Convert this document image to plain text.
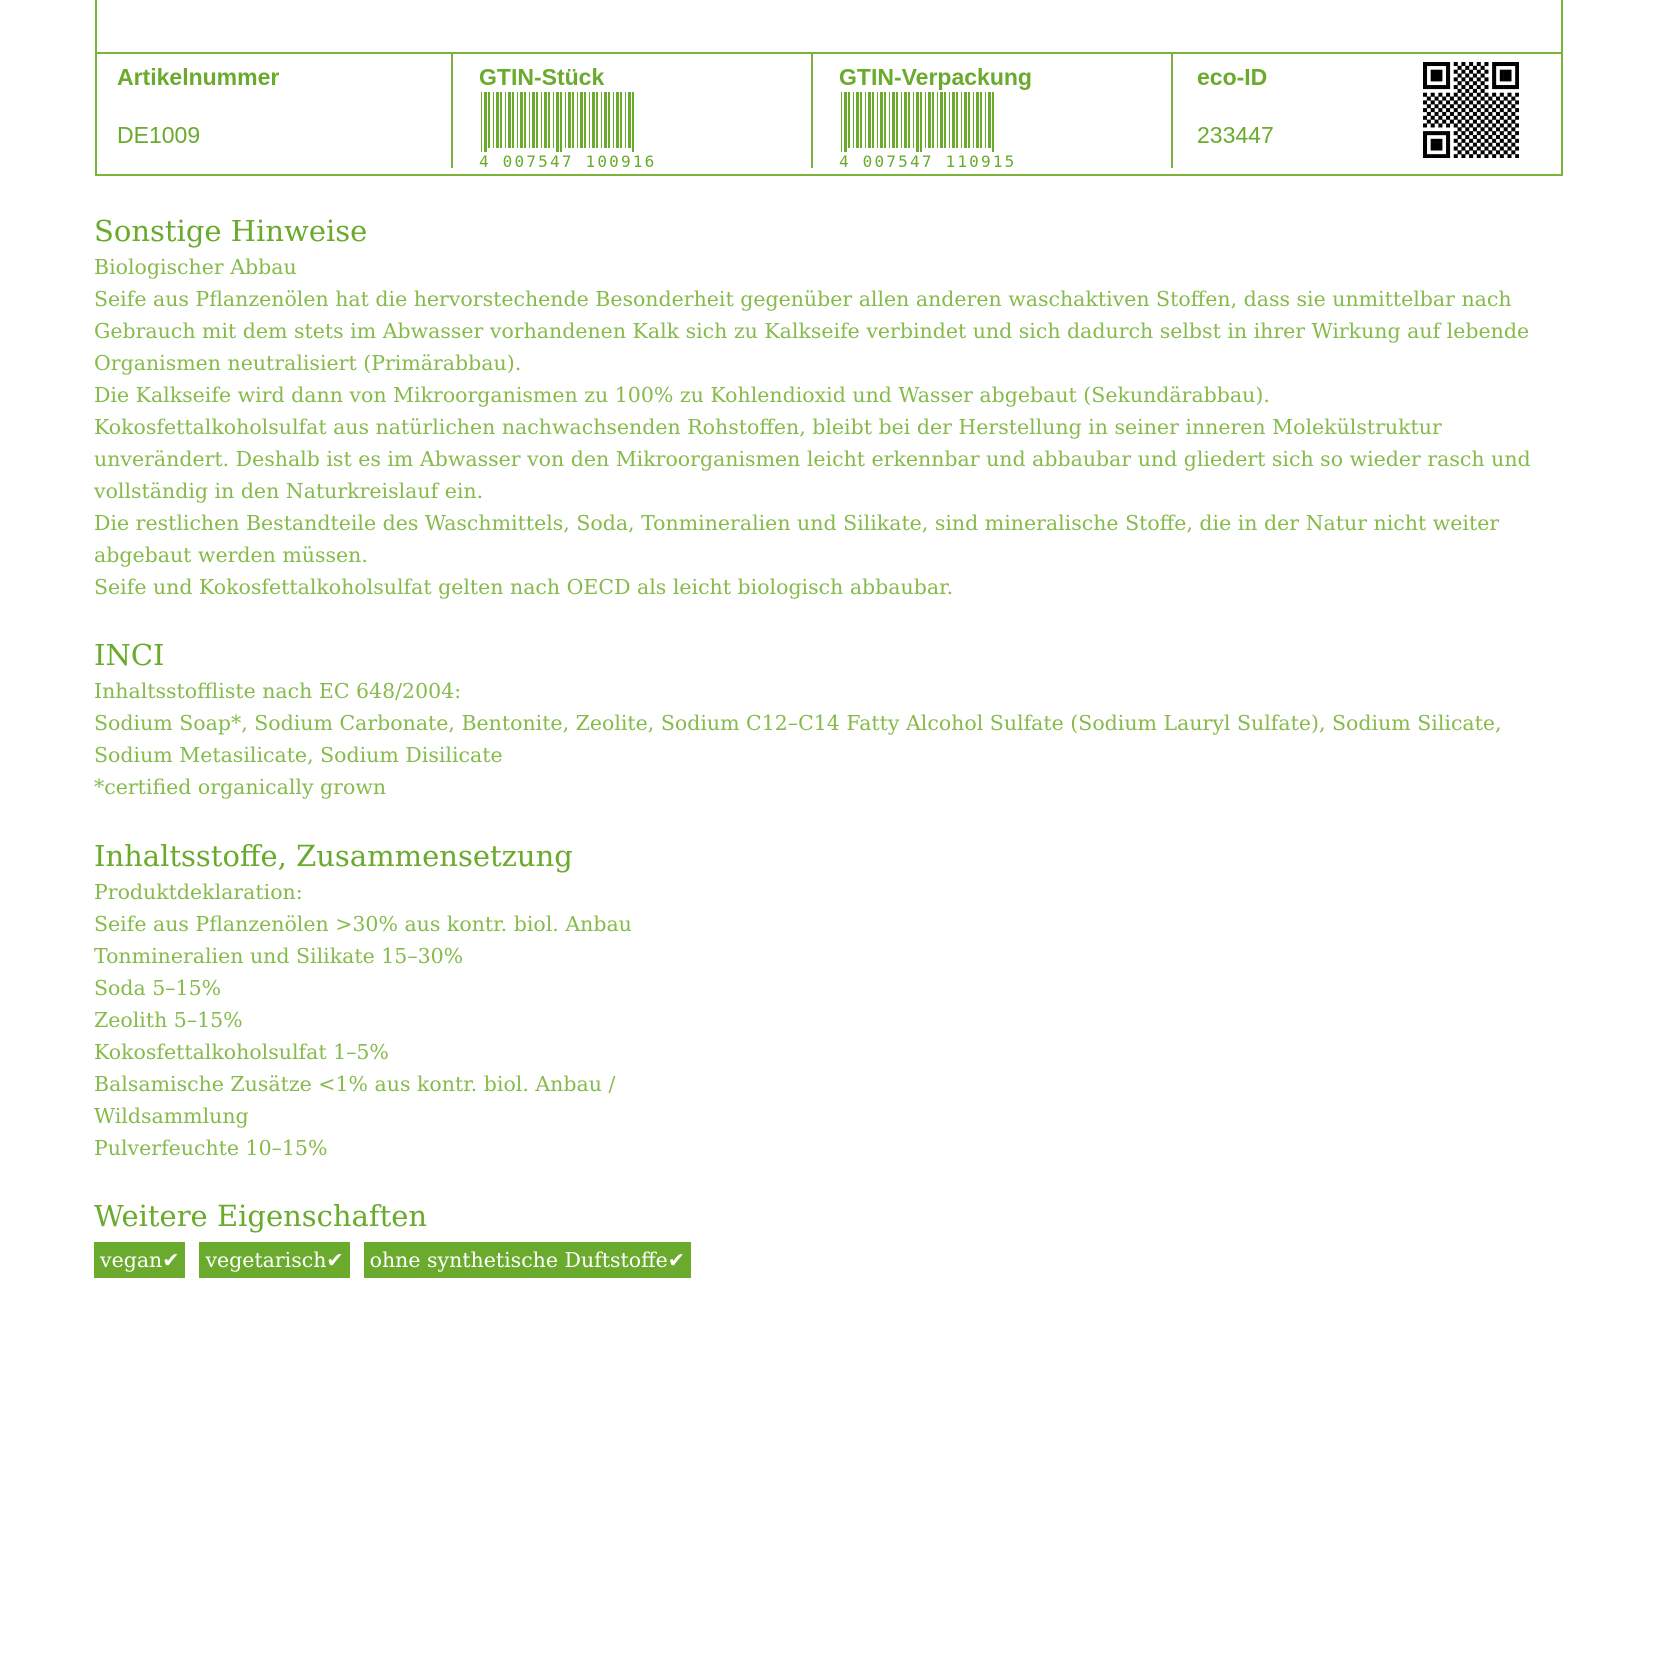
Artikelnummer
DE1009
GTIN-Stück
4 007547 100916
GTIN-Verpackung
4 007547 110915
eco-ID
233447
Sonstige Hinweise

Biologischer Abbau

Seife aus Pflanzenölen hat die hervorstechende Besonderheit gegenüber allen anderen waschaktiven Stoffen, dass sie unmittelbar nach

Gebrauch mit dem stets im Abwasser vorhandenen Kalk sich zu Kalkseife verbindet und sich dadurch selbst in ihrer Wirkung auf lebende

Organismen neutralisiert (Primärabbau).

Die Kalkseife wird dann von Mikroorganismen zu 100% zu Kohlendioxid und Wasser abgebaut (Sekundärabbau).

Kokosfettalkoholsulfat aus natürlichen nachwachsenden Rohstoffen, bleibt bei der Herstellung in seiner inneren Molekülstruktur

unverändert. Deshalb ist es im Abwasser von den Mikroorganismen leicht erkennbar und abbaubar und gliedert sich so wieder rasch und

vollständig in den Naturkreislauf ein.

Die restlichen Bestandteile des Waschmittels, Soda, Tonmineralien und Silikate, sind mineralische Stoffe, die in der Natur nicht weiter

abgebaut werden müssen.

Seife und Kokosfettalkoholsulfat gelten nach OECD als leicht biologisch abbaubar.

INCI

Inhaltsstoffliste nach EC 648/2004:

Sodium Soap*, Sodium Carbonate, Bentonite, Zeolite, Sodium C12–C14 Fatty Alcohol Sulfate (Sodium Lauryl Sulfate), Sodium Silicate,

Sodium Metasilicate, Sodium Disilicate

*certified organically grown

Inhaltsstoffe, Zusammensetzung

Produktdeklaration:

Seife aus Pflanzenölen >30% aus kontr. biol. Anbau

Tonmineralien und Silikate 15–30%

Soda 5–15%

Zeolith 5–15%

Kokosfettalkoholsulfat 1–5%

Balsamische Zusätze <1% aus kontr. biol. Anbau /

Wildsammlung

Pulverfeuchte 10–15%

Weitere Eigenschaften
vegan✔ vegetarisch✔ ohne synthetische Duftstoffe✔
